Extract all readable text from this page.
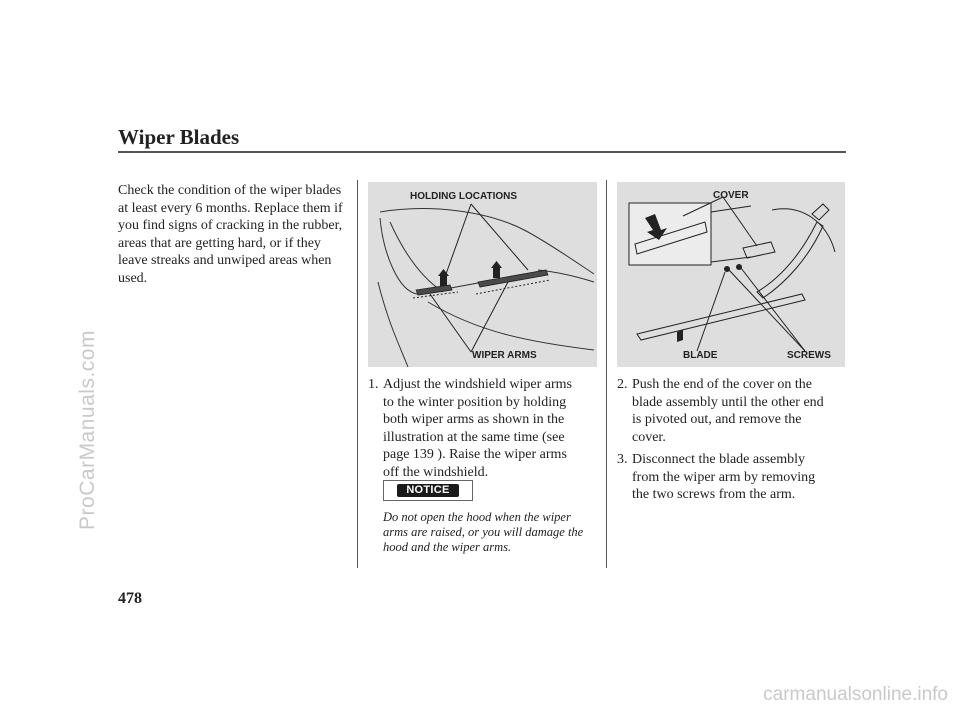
ProCarManuals.com
carmanualsonline.info
Wiper Blades
Check the condition of the wiper blades at least every 6 months. Replace them if you find signs of cracking in the rubber, areas that are getting hard, or if they leave streaks and unwiped areas when used.
HOLDING LOCATIONS
WIPER ARMS
COVER
BLADE	SCREWS
1. Adjust the windshield wiper arms
to the winter position by holding
both wiper arms as shown in the
illustration at the same time (see
page 139 ). Raise the wiper arms
off the windshield.
2. Push the end of the cover on the
blade assembly until the other end
is pivoted out, and remove the
cover.
3. Disconnect the blade assembly
from the wiper arm by removing
the two screws from the arm.
NOTICE
Do not open the hood when the wiper arms are raised, or you will damage the hood and the wiper arms.
478
